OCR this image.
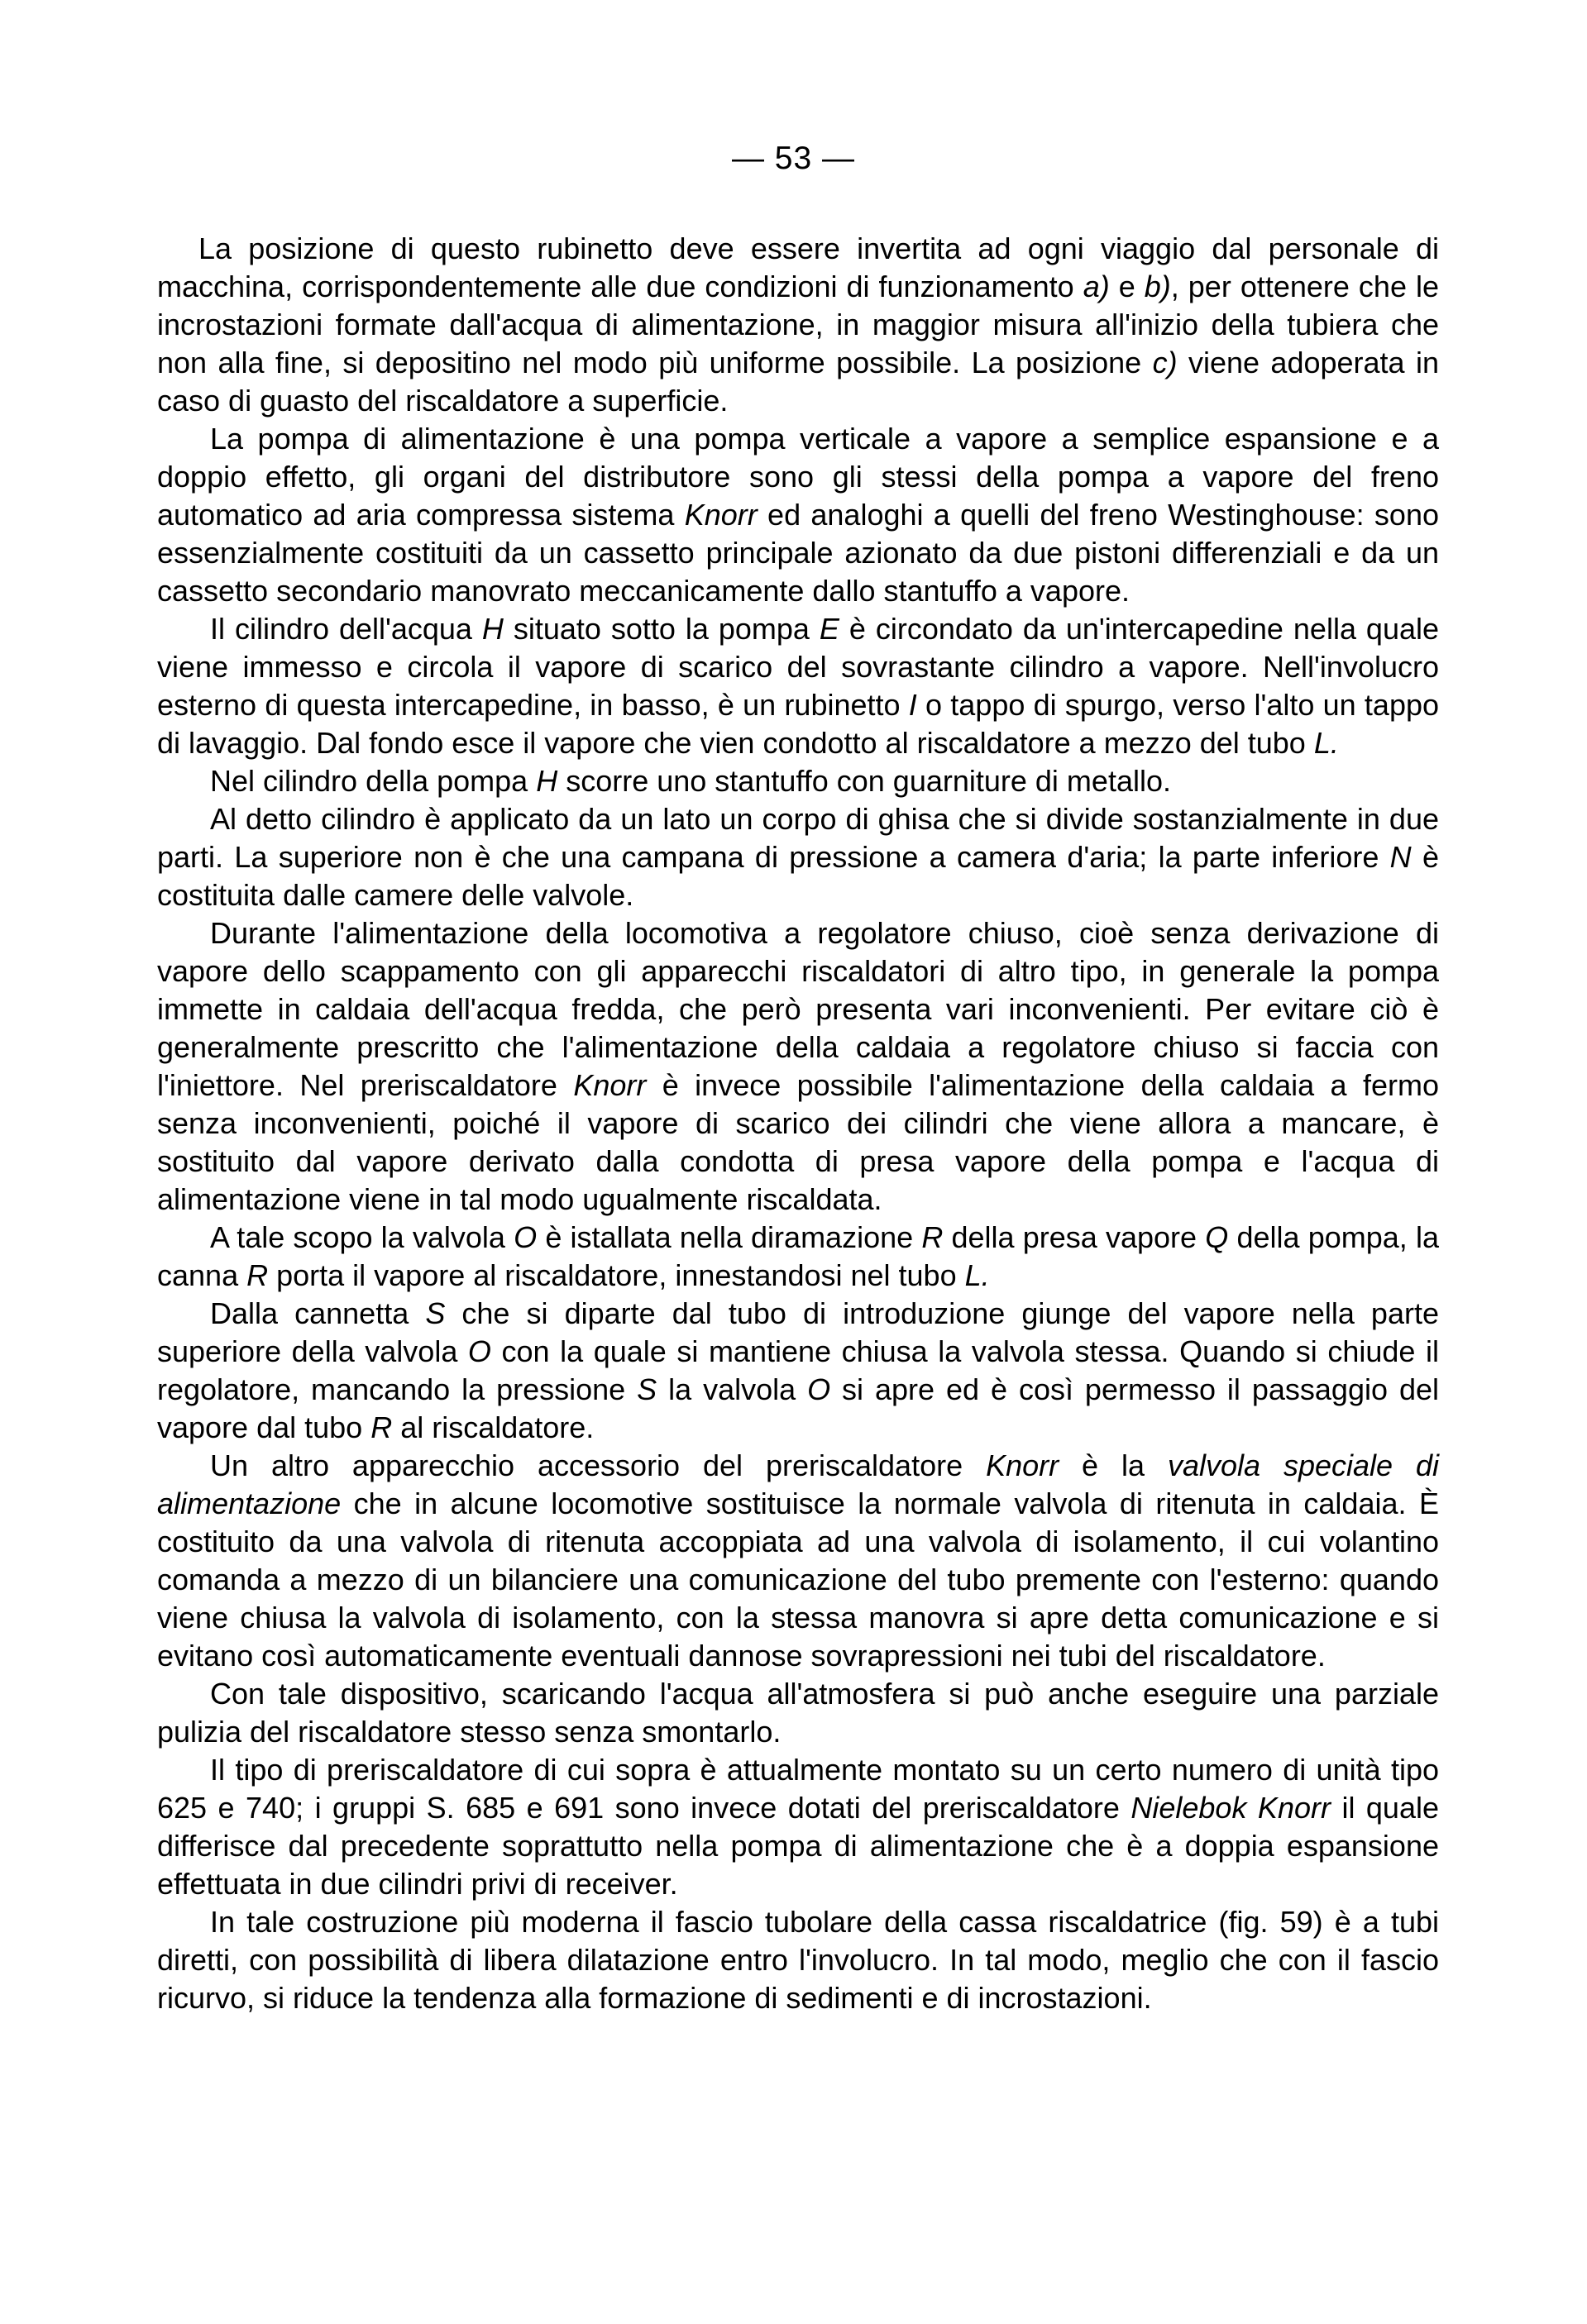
— 53 —

La posizione di questo rubinetto deve essere invertita ad ogni viaggio dal personale di macchina, corrispondentemente alle due condizioni di funzionamento a) e b), per ottenere che le incrostazioni formate dall'acqua di alimentazione, in maggior misura all'inizio della tubiera che non alla fine, si depositino nel modo più uniforme possibile. La posizione c) viene adoperata in caso di guasto del riscaldatore a superficie.

La pompa di alimentazione è una pompa verticale a vapore a semplice espansione e a doppio effetto, gli organi del distributore sono gli stessi della pompa a vapore del freno automatico ad aria compressa sistema Knorr ed analoghi a quelli del freno Westinghouse: sono essenzialmente costituiti da un cassetto principale azionato da due pistoni differenziali e da un cassetto secondario manovrato meccanicamente dallo stantuffo a vapore.

Il cilindro dell'acqua H situato sotto la pompa E è circondato da un'intercapedine nella quale viene immesso e circola il vapore di scarico del sovrastante cilindro a vapore. Nell'involucro esterno di questa intercapedine, in basso, è un rubinetto I o tappo di spurgo, verso l'alto un tappo di lavaggio. Dal fondo esce il vapore che vien condotto al riscaldatore a mezzo del tubo L.

Nel cilindro della pompa H scorre uno stantuffo con guarniture di metallo.

Al detto cilindro è applicato da un lato un corpo di ghisa che si divide sostanzialmente in due parti. La superiore non è che una campana di pressione a camera d'aria; la parte inferiore N è costituita dalle camere delle valvole.

Durante l'alimentazione della locomotiva a regolatore chiuso, cioè senza derivazione di vapore dello scappamento con gli apparecchi riscaldatori di altro tipo, in generale la pompa immette in caldaia dell'acqua fredda, che però presenta vari inconvenienti. Per evitare ciò è generalmente prescritto che l'alimentazione della caldaia a regolatore chiuso si faccia con l'iniettore. Nel preriscaldatore Knorr è invece possibile l'alimentazione della caldaia a fermo senza inconvenienti, poiché il vapore di scarico dei cilindri che viene allora a mancare, è sostituito dal vapore derivato dalla condotta di presa vapore della pompa e l'acqua di alimentazione viene in tal modo ugualmente riscaldata.

A tale scopo la valvola O è istallata nella diramazione R della presa vapore Q della pompa, la canna R porta il vapore al riscaldatore, innestandosi nel tubo L.

Dalla cannetta S che si diparte dal tubo di introduzione giunge del vapore nella parte superiore della valvola O con la quale si mantiene chiusa la valvola stessa. Quando si chiude il regolatore, mancando la pressione S la valvola O si apre ed è così permesso il passaggio del vapore dal tubo R al riscaldatore.

Un altro apparecchio accessorio del preriscaldatore Knorr è la valvola speciale di alimentazione che in alcune locomotive sostituisce la normale valvola di ritenuta in caldaia. È costituito da una valvola di ritenuta accoppiata ad una valvola di isolamento, il cui volantino comanda a mezzo di un bilanciere una comunicazione del tubo premente con l'esterno: quando viene chiusa la valvola di isolamento, con la stessa manovra si apre detta comunicazione e si evitano così automaticamente eventuali dannose sovrapressioni nei tubi del riscaldatore.

Con tale dispositivo, scaricando l'acqua all'atmosfera si può anche eseguire una parziale pulizia del riscaldatore stesso senza smontarlo.

Il tipo di preriscaldatore di cui sopra è attualmente montato su un certo numero di unità tipo 625 e 740; i gruppi S. 685 e 691 sono invece dotati del preriscaldatore Nielebok Knorr il quale differisce dal precedente soprattutto nella pompa di alimentazione che è a doppia espansione effettuata in due cilindri privi di receiver.

In tale costruzione più moderna il fascio tubolare della cassa riscaldatrice (fig. 59) è a tubi diretti, con possibilità di libera dilatazione entro l'involucro. In tal modo, meglio che con il fascio ricurvo, si riduce la tendenza alla formazione di sedimenti e di incrostazioni.
